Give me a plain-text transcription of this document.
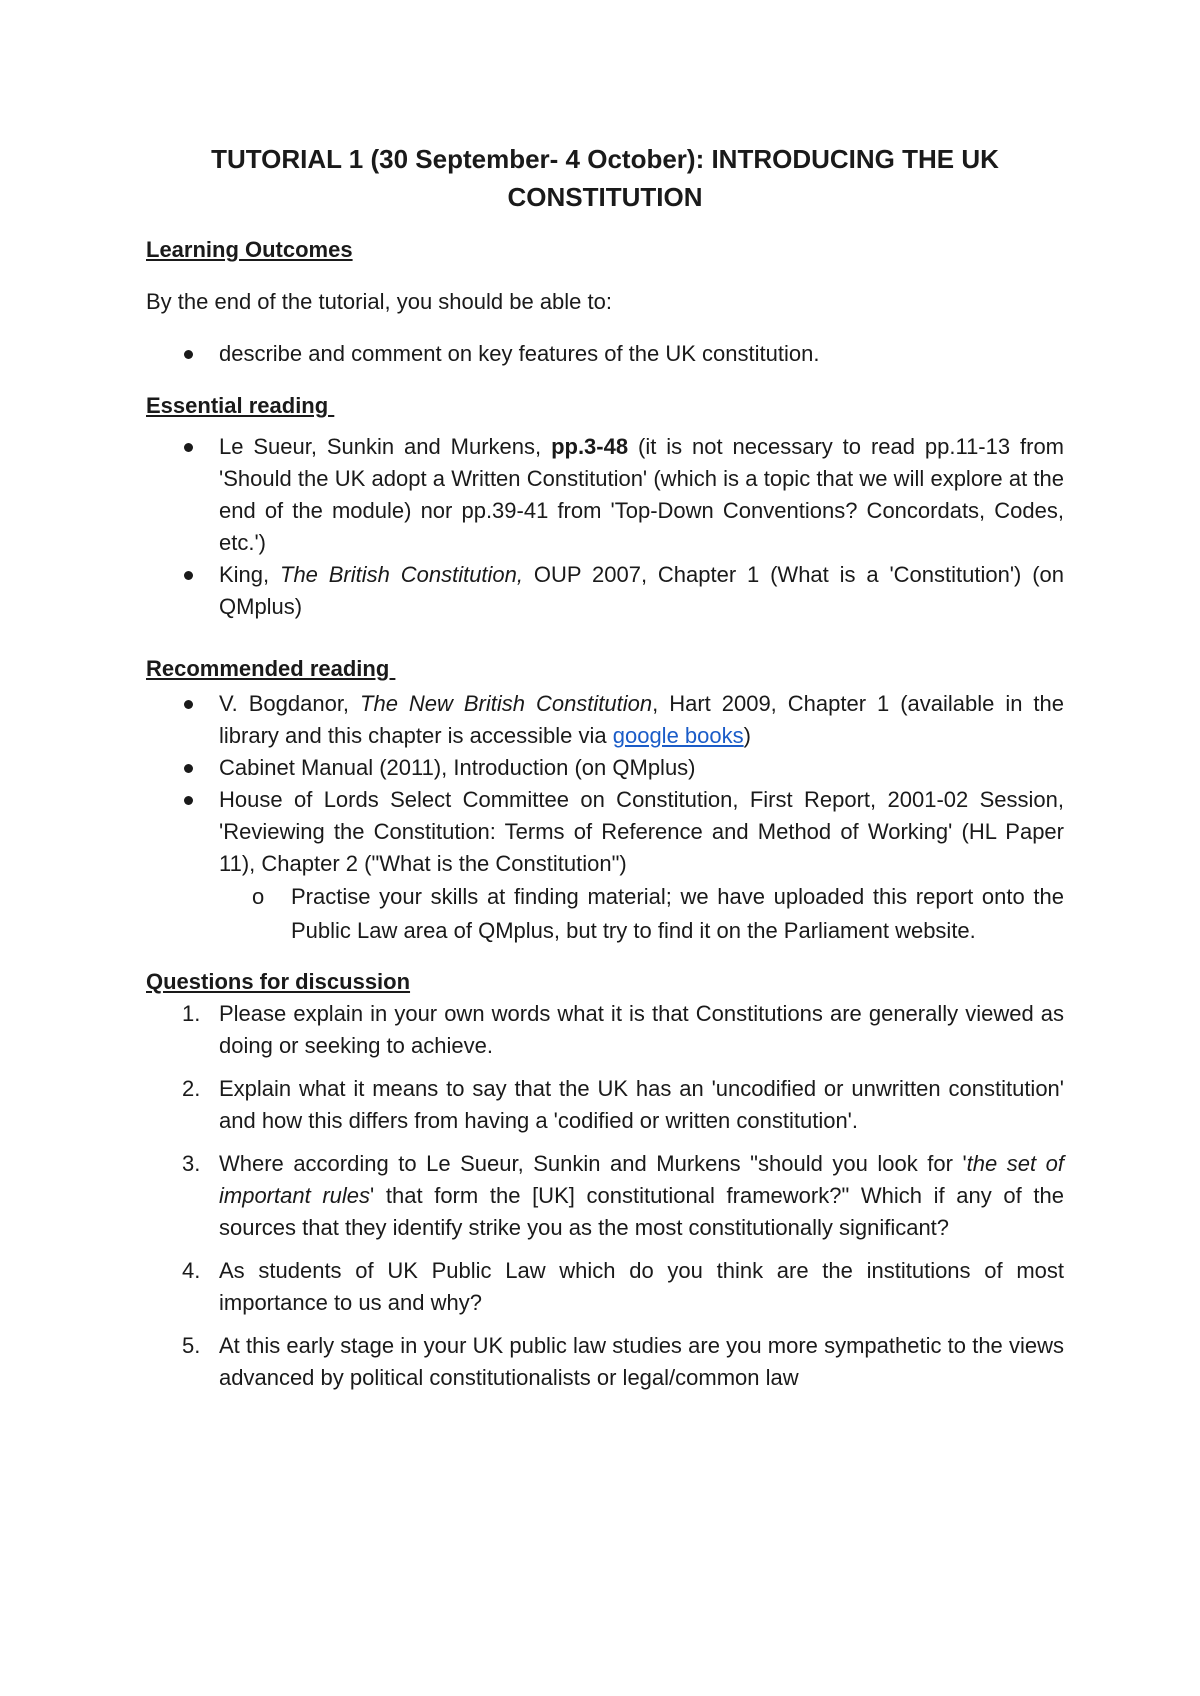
TUTORIAL 1 (30 September- 4 October): INTRODUCING THE UK CONSTITUTION
Learning Outcomes

By the end of the tutorial, you should be able to:

describe and comment on key features of the UK constitution.
Essential reading
Le Sueur, Sunkin and Murkens, pp.3-48 (it is not necessary to read pp.11-13 from 'Should the UK adopt a Written Constitution' (which is a topic that we will explore at the end of the module) nor pp.39-41 from 'Top-Down Conventions? Concordats, Codes, etc.')
King, The British Constitution, OUP 2007, Chapter 1 (What is a 'Constitution') (on QMplus)
Recommended reading
V. Bogdanor, The New British Constitution, Hart 2009, Chapter 1 (available in the library and this chapter is accessible via google books)
Cabinet Manual (2011), Introduction (on QMplus)
House of Lords Select Committee on Constitution, First Report, 2001-02 Session, 'Reviewing the Constitution: Terms of Reference and Method of Working' (HL Paper 11), Chapter 2 ("What is the Constitution")
o Practise your skills at finding material; we have uploaded this report onto the Public Law area of QMplus, but try to find it on the Parliament website.
Questions for discussion
1. Please explain in your own words what it is that Constitutions are generally viewed as doing or seeking to achieve.
2. Explain what it means to say that the UK has an 'uncodified or unwritten constitution' and how this differs from having a 'codified or written constitution'.
3. Where according to Le Sueur, Sunkin and Murkens "should you look for 'the set of important rules' that form the [UK] constitutional framework?" Which if any of the sources that they identify strike you as the most constitutionally significant?
4. As students of UK Public Law which do you think are the institutions of most importance to us and why?
5. At this early stage in your UK public law studies are you more sympathetic to the views advanced by political constitutionalists or legal/common law
